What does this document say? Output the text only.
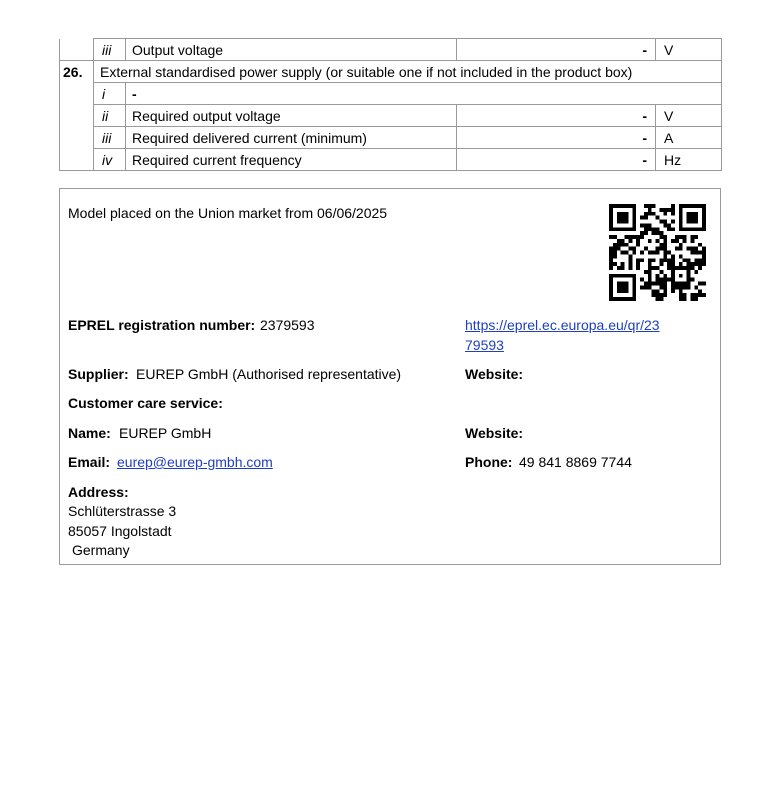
	iii	Output voltage	-	V
26.	External standardised power supply (or suitable one if not included in the product box)			
	i	-		
	ii	Required output voltage	-	V
	iii	Required delivered current (minimum)	-	A
	iv	Required current frequency	-	Hz
Model placed on the Union market from 06/06/2025
EPREL registration number: 2379593	https://eprel.ec.europa.eu/qr/23
79593
Supplier: EUREP GmbH (Authorised representative)	Website:
Customer care service:
Name: EUREP GmbH	Website:
Email: eurep@eurep-gmbh.com	Phone: 49 841 8869 7744
Address:
Schlüterstrasse 3
85057 Ingolstadt
Germany
